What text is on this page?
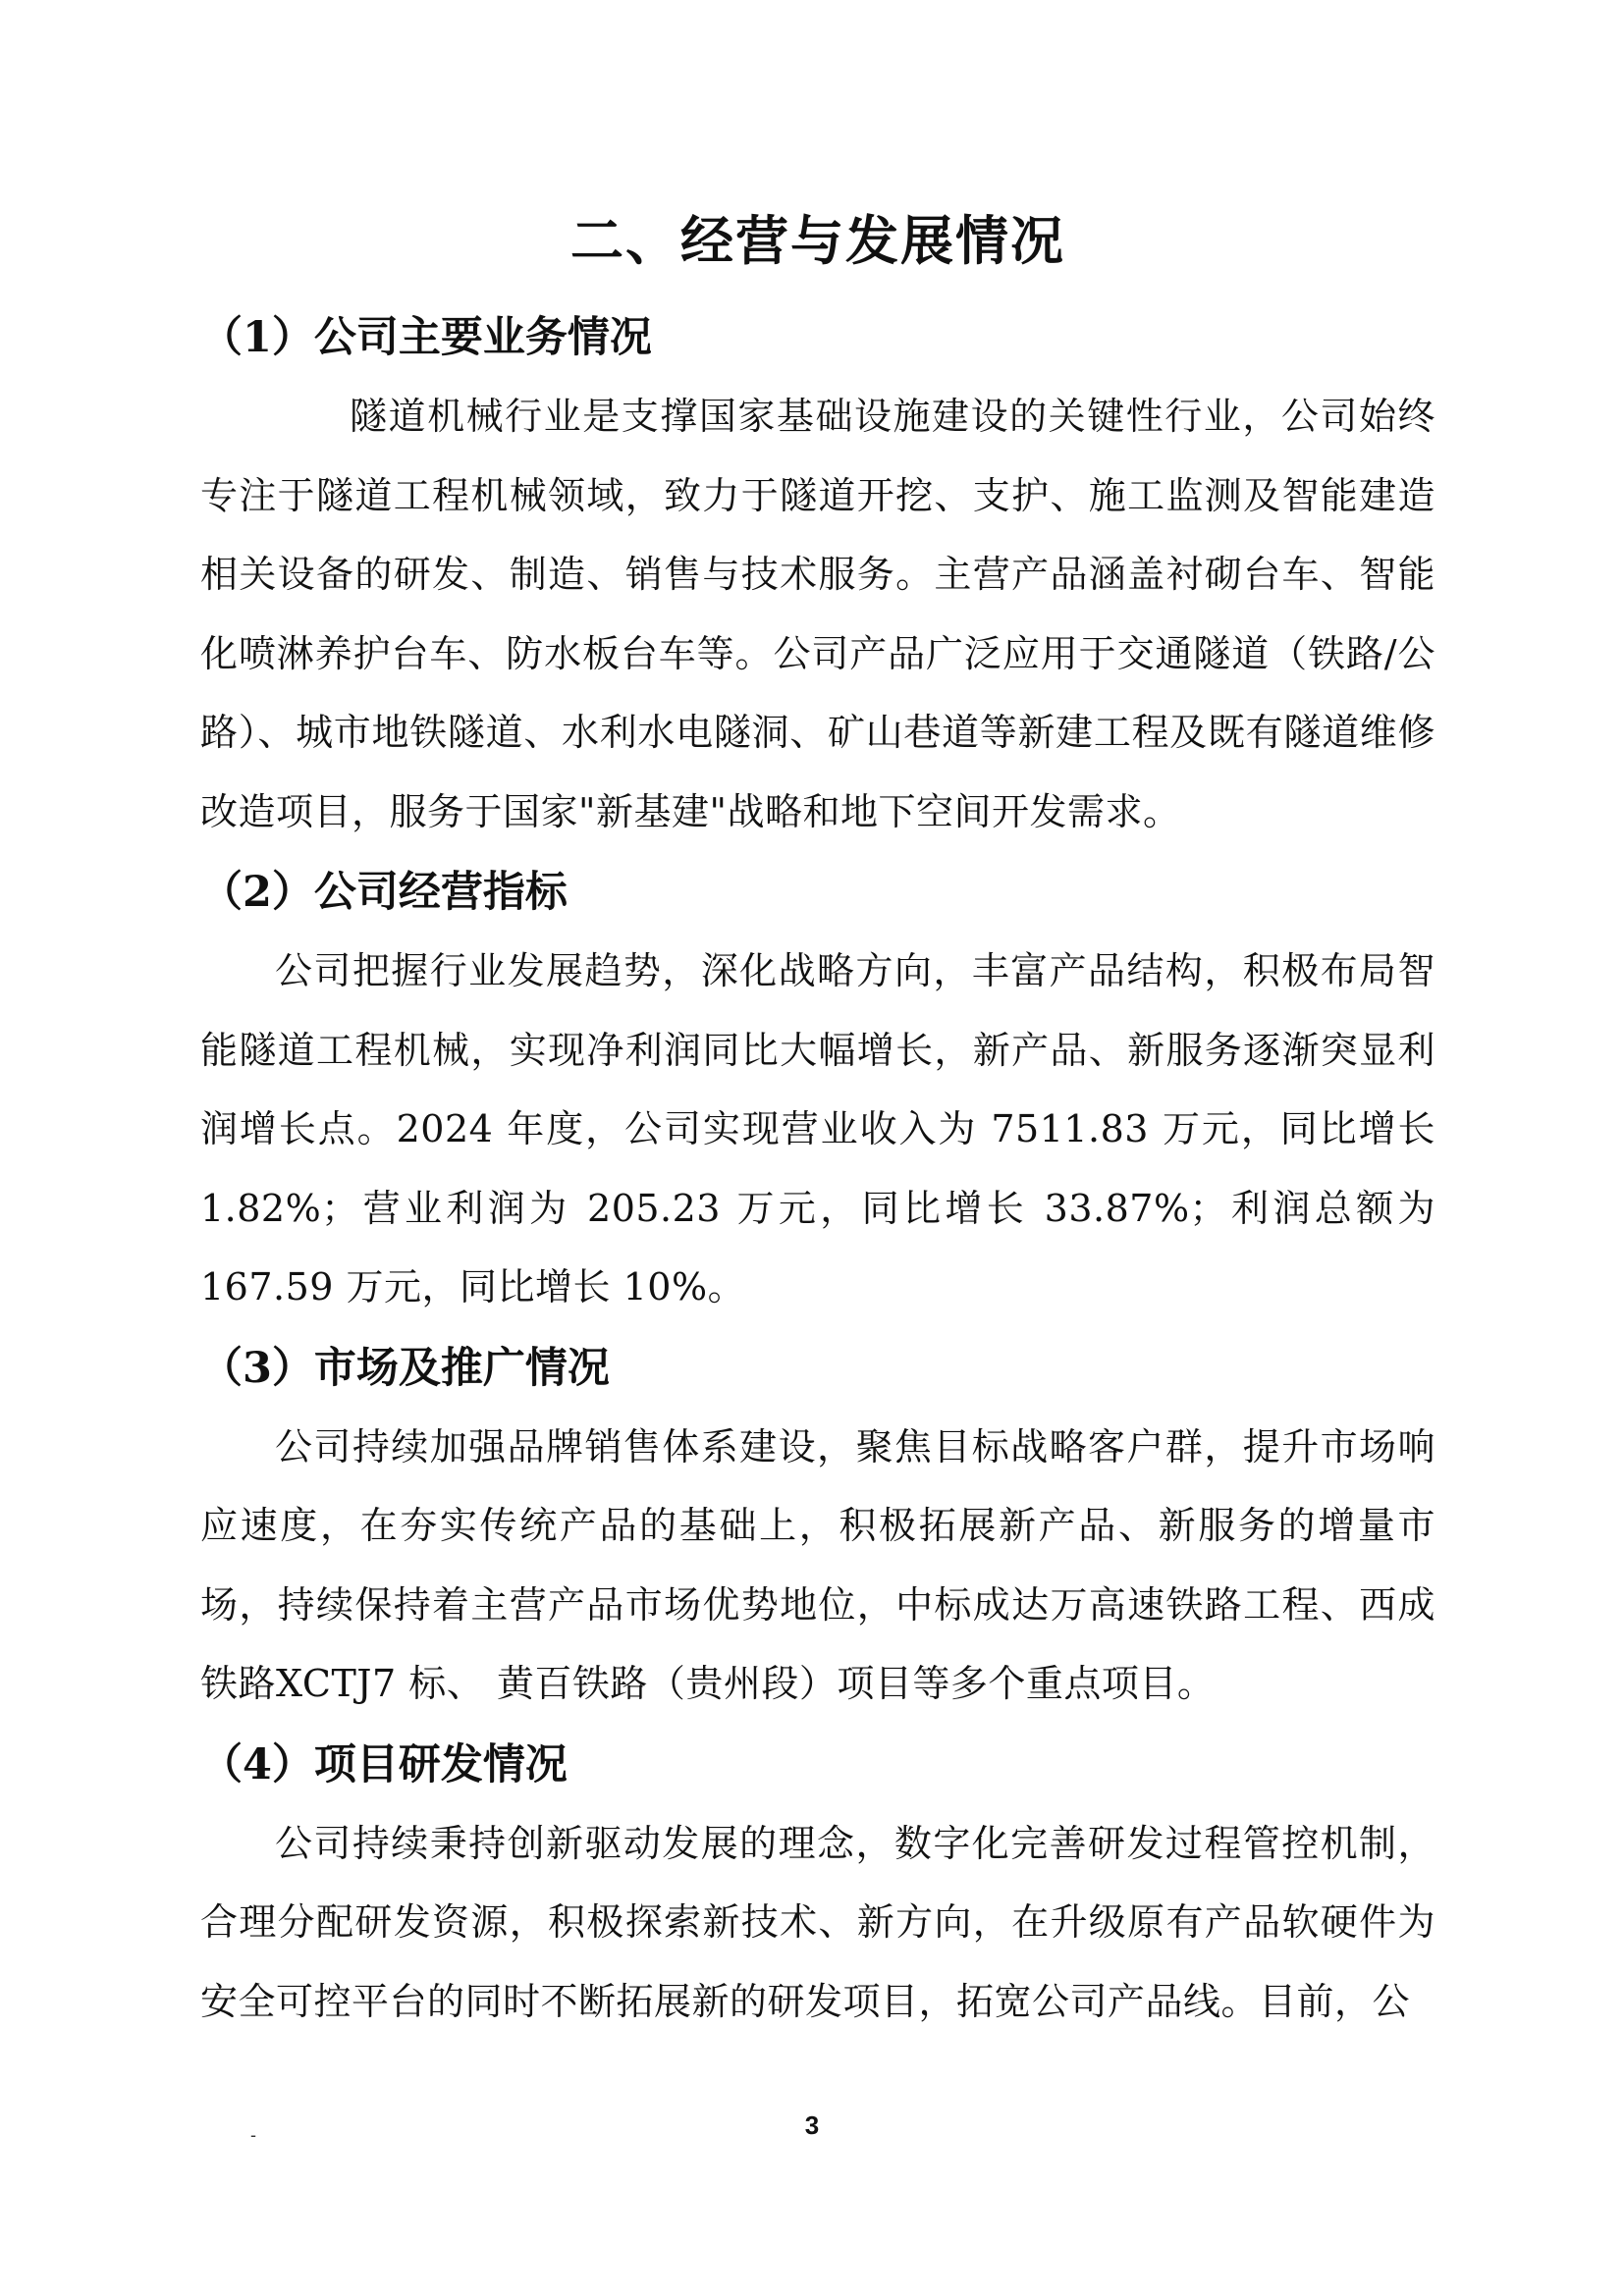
二、经营与发展情况
（1）公司主要业务情况

隧道机械行业是支撑国家基础设施建设的关键性行业，公司始终专注于隧道工程机械领域，致力于隧道开挖、支护、施工监测及智能建造相关设备的研发、制造、销售与技术服务。主营产品涵盖衬砌台车、智能化喷淋养护台车、防水板台车等。公司产品广泛应用于交通隧道（铁路/公路）、城市地铁隧道、水利水电隧洞、矿山巷道等新建工程及既有隧道维修改造项目，服务于国家"新基建"战略和地下空间开发需求。

（2）公司经营指标

公司把握行业发展趋势，深化战略方向，丰富产品结构，积极布局智能隧道工程机械，实现净利润同比大幅增长，新产品、新服务逐渐突显利润增长点。2024 年度，公司实现营业收入为 7511.83 万元，同比增长 1.82%；营业利润为 205.23 万元，同比增长 33.87%；利润总额为 167.59 万元，同比增长 10%。

（3）市场及推广情况

公司持续加强品牌销售体系建设，聚焦目标战略客户群，提升市场响应速度，在夯实传统产品的基础上，积极拓展新产品、新服务的增量市场，持续保持着主营产品市场优势地位，中标成达万高速铁路工程、西成铁路XCTJ7 标、 黄百铁路（贵州段）项目等多个重点项目。

（4）项目研发情况

公司持续秉持创新驱动发展的理念，数字化完善研发过程管控机制，合理分配研发资源，积极探索新技术、新方向，在升级原有产品软硬件为安全可控平台的同时不断拓展新的研发项目，拓宽公司产品线。目前，公

-	3
